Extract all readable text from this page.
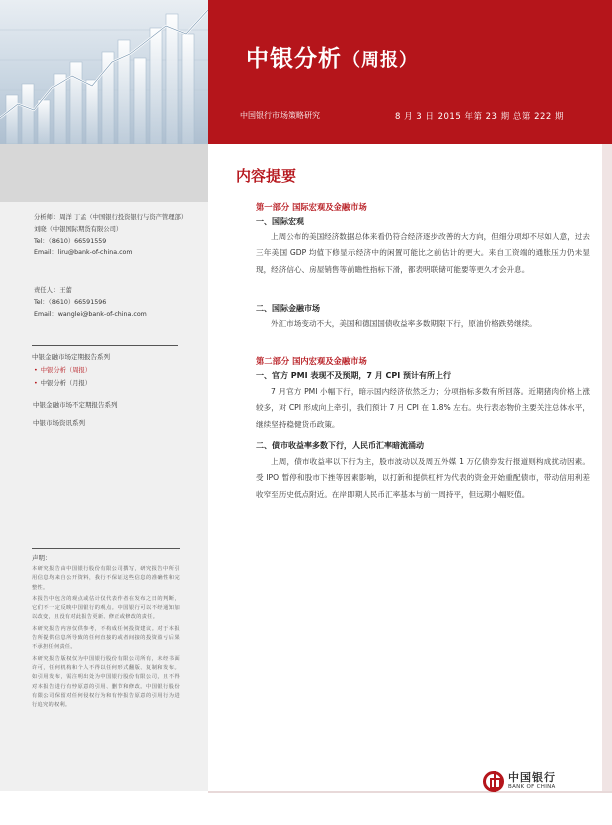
中银分析（周报）
中国银行市场策略研究	8 月 3 日 2015 年第 23 期 总第 222 期
分析师：周洋 丁孟（中国银行投资银行与资产管理部）
刘晓（中银国际期货有限公司）
Tel：（8610）66591559
Email：liru@bank-of-china.com
责任人：王蕾
Tel：（8610）66591596
Email：wanglei@bank-of-china.com
中银金融市场定期报告系列
• 中银分析（周报）
• 中银分析（月报）
中银金融市场不定期报告系列
中银市场资讯系列
声明：

本研究报告由中国银行股份有限公司撰写，研究报告中所引用信息均来自公开资料，我行不保证这些信息的准确性和完整性。

本报告中包含的观点或估计仅代表作者在发布之日的判断，它们不一定反映中国银行的观点。中国银行可以不经通知加以改变，且没有对此报告更新、修正或修改的责任。

本研究报告内容仅供参考，不构成任何投资建议。对于本报告所提供信息所导致的任何直接的或者间接的投资盈亏后果不承担任何责任。

本研究报告版权仅为中国银行股份有限公司所有，未经书面许可，任何机构和个人不得以任何形式翻版、复制和发布。如引用发布，需注明出处为中国银行股份有限公司，且不得对本报告进行有悖原意的引用、删节和修改。中国银行股份有限公司保留对任何侵权行为和有悖报告原意的引用行为进行追究的权利。

内容提要
第一部分 国际宏观及金融市场
一、国际宏观
上周公布的美国经济数据总体来看仍符合经济逐步改善的大方向，但细分项却不尽如人意，过去三年美国 GDP 均值下修显示经济中的闲置可能比之前估计的更大。来自工资端的通胀压力仍未显现，经济信心、房屋销售等前瞻性指标下滑，都表明联储可能要等更久才会升息。
二、国际金融市场
外汇市场变动不大，美国和德国国债收益率多数期限下行，原油价格跌势继续。
第二部分 国内宏观及金融市场
一、官方 PMI 表现不及预期，7 月 CPI 预计有所上行
7 月官方 PMI 小幅下行，暗示国内经济依然乏力；分项指标多数有所回落。近期猪肉价格上涨较多，对 CPI 形成向上牵引，我们预计 7 月 CPI 在 1.8% 左右。央行表态物价主要关注总体水平，继续坚持稳健货币政策。
二、债市收益率多数下行，人民币汇率暗流涌动
上周，债市收益率以下行为主，股市波动以及周五外媒 1 万亿债券发行报道则构成扰动因素。受 IPO 暂停和股市下挫等因素影响，以打新和提供杠杆为代表的资金开始重配债市，带动信用利差收窄至历史低点附近。在岸即期人民币汇率基本与前一周持平，但远期小幅贬值。
中国银行
BANK OF CHINA
